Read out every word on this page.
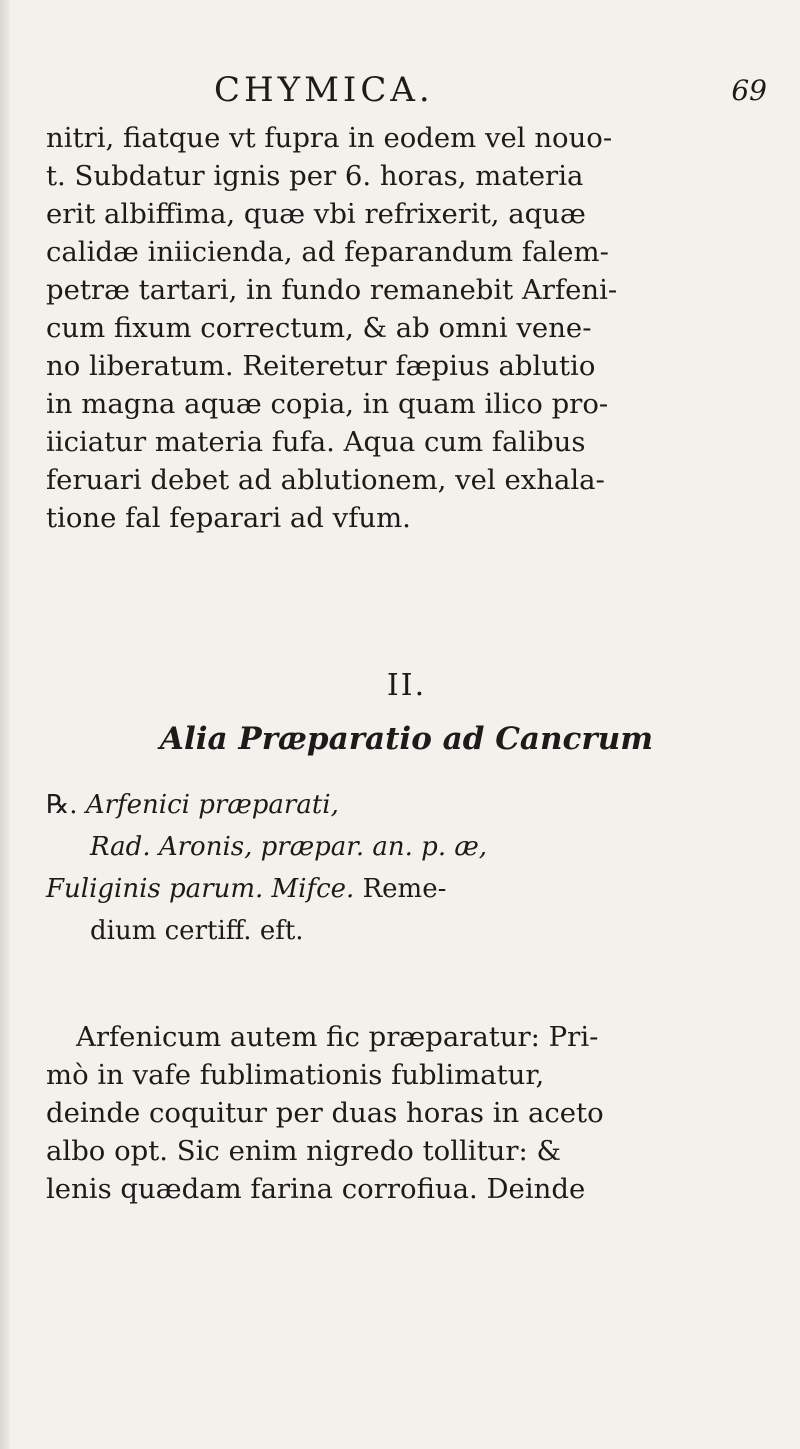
CHYMICA.	69
nitri, fiatque vt fupra in eodem vel nouo-
t. Subdatur ignis per 6. horas, materia
erit albiffima, quæ vbi refrixerit, aquæ
calidæ iniicienda, ad feparandum falem-
petræ tartari, in fundo remanebit Arfeni-
cum fixum correctum, & ab omni vene-
no liberatum. Reiteretur fæpius ablutio
in magna aquæ copia, in quam ilico pro-
iiciatur materia fufa. Aqua cum falibus
feruari debet ad ablutionem, vel exhala-
tione fal feparari ad vfum.
II.
Alia Præparatio ad Cancrum
℞. Arfenici præparati,
Rad. Aronis, præpar. an. p. æ,
Fuliginis parum. Mifce. Reme-
dium certiff. eft.
Arfenicum autem fic præparatur: Pri-
mò in vafe fublimationis fublimatur,
deinde coquitur per duas horas in aceto
albo opt. Sic enim nigredo tollitur: &
lenis quædam farina corrofiua. Deinde
